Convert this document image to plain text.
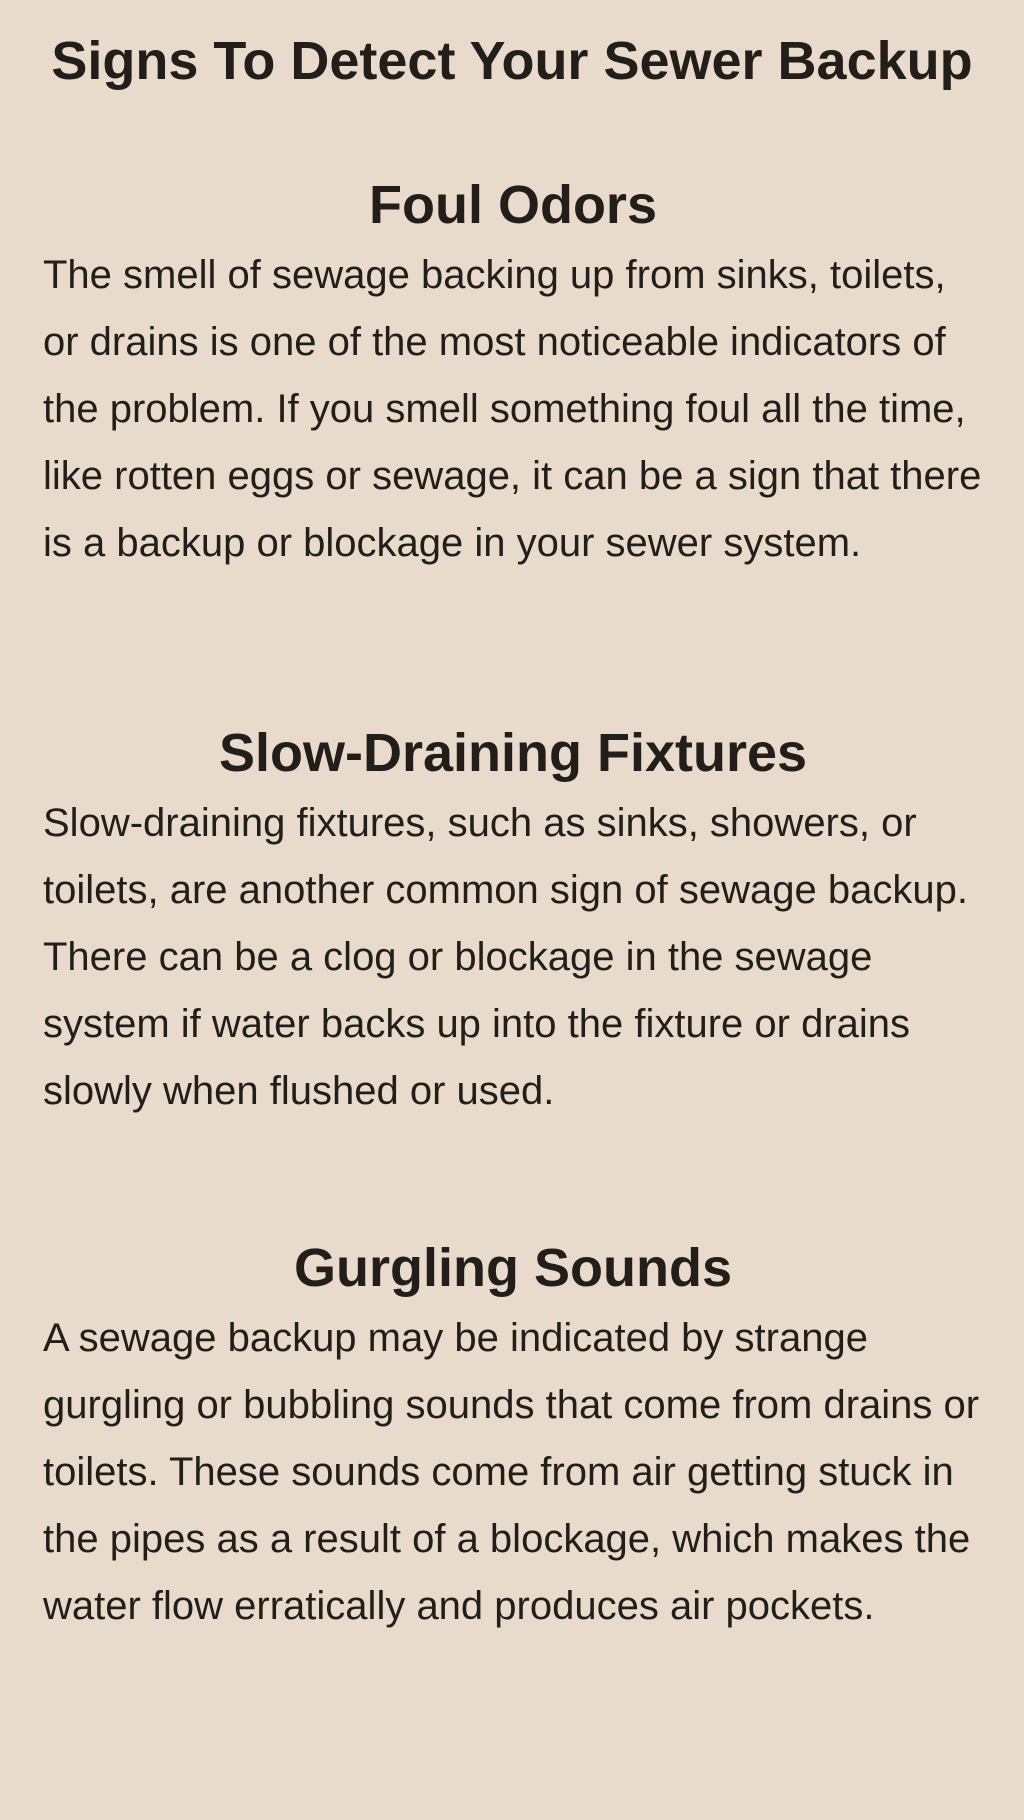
Signs To Detect Your Sewer Backup
Foul Odors

The smell of sewage backing up from sinks, toilets, or drains is one of the most noticeable indicators of the problem. If you smell something foul all the time, like rotten eggs or sewage, it can be a sign that there is a backup or blockage in your sewer system.

Slow-Draining Fixtures

Slow-draining fixtures, such as sinks, showers, or toilets, are another common sign of sewage backup. There can be a clog or blockage in the sewage system if water backs up into the fixture or drains slowly when flushed or used.

Gurgling Sounds

A sewage backup may be indicated by strange gurgling or bubbling sounds that come from drains or toilets. These sounds come from air getting stuck in the pipes as a result of a blockage, which makes the water flow erratically and produces air pockets.
